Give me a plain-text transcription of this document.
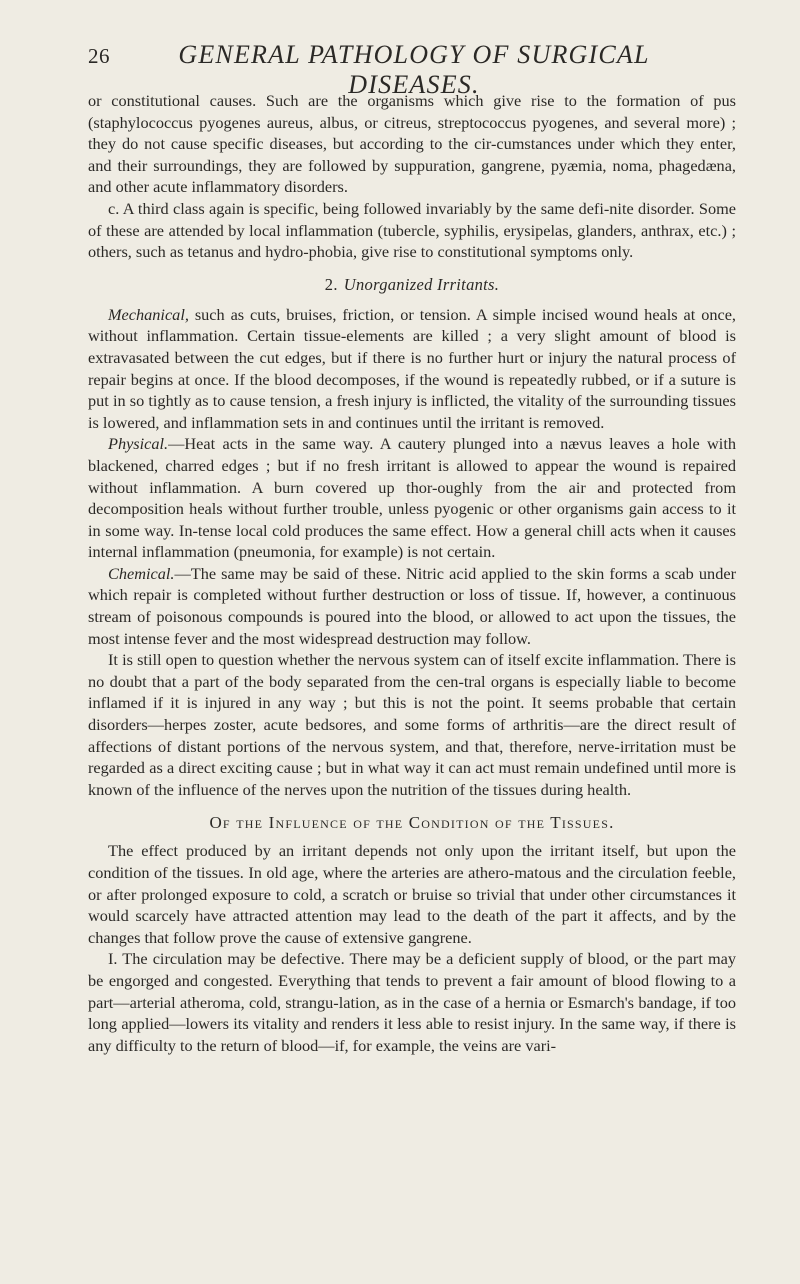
26	GENERAL PATHOLOGY OF SURGICAL DISEASES.

or constitutional causes. Such are the organisms which give rise to the formation of pus (staphylococcus pyogenes aureus, albus, or citreus, streptococcus pyogenes, and several more) ; they do not cause specific diseases, but according to the cir-cumstances under which they enter, and their surroundings, they are followed by suppuration, gangrene, pyæmia, noma, phagedæna, and other acute inflammatory disorders.

c. A third class again is specific, being followed invariably by the same defi-nite disorder. Some of these are attended by local inflammation (tubercle, syphilis, erysipelas, glanders, anthrax, etc.) ; others, such as tetanus and hydro-phobia, give rise to constitutional symptoms only.

2. Unorganized Irritants.

Mechanical, such as cuts, bruises, friction, or tension. A simple incised wound heals at once, without inflammation. Certain tissue-elements are killed ; a very slight amount of blood is extravasated between the cut edges, but if there is no further hurt or injury the natural process of repair begins at once. If the blood decomposes, if the wound is repeatedly rubbed, or if a suture is put in so tightly as to cause tension, a fresh injury is inflicted, the vitality of the surrounding tissues is lowered, and inflammation sets in and continues until the irritant is removed.

Physical.—Heat acts in the same way. A cautery plunged into a nævus leaves a hole with blackened, charred edges ; but if no fresh irritant is allowed to appear the wound is repaired without inflammation. A burn covered up thor-oughly from the air and protected from decomposition heals without further trouble, unless pyogenic or other organisms gain access to it in some way. In-tense local cold produces the same effect. How a general chill acts when it causes internal inflammation (pneumonia, for example) is not certain.

Chemical.—The same may be said of these. Nitric acid applied to the skin forms a scab under which repair is completed without further destruction or loss of tissue. If, however, a continuous stream of poisonous compounds is poured into the blood, or allowed to act upon the tissues, the most intense fever and the most widespread destruction may follow.

It is still open to question whether the nervous system can of itself excite inflammation. There is no doubt that a part of the body separated from the cen-tral organs is especially liable to become inflamed if it is injured in any way ; but this is not the point. It seems probable that certain disorders—herpes zoster, acute bedsores, and some forms of arthritis—are the direct result of affections of distant portions of the nervous system, and that, therefore, nerve-irritation must be regarded as a direct exciting cause ; but in what way it can act must remain undefined until more is known of the influence of the nerves upon the nutrition of the tissues during health.

Of the Influence of the Condition of the Tissues.

The effect produced by an irritant depends not only upon the irritant itself, but upon the condition of the tissues. In old age, where the arteries are athero-matous and the circulation feeble, or after prolonged exposure to cold, a scratch or bruise so trivial that under other circumstances it would scarcely have attracted attention may lead to the death of the part it affects, and by the changes that follow prove the cause of extensive gangrene.

I. The circulation may be defective. There may be a deficient supply of blood, or the part may be engorged and congested. Everything that tends to prevent a fair amount of blood flowing to a part—arterial atheroma, cold, strangu-lation, as in the case of a hernia or Esmarch's bandage, if too long applied—lowers its vitality and renders it less able to resist injury. In the same way, if there is any difficulty to the return of blood—if, for example, the veins are vari-
